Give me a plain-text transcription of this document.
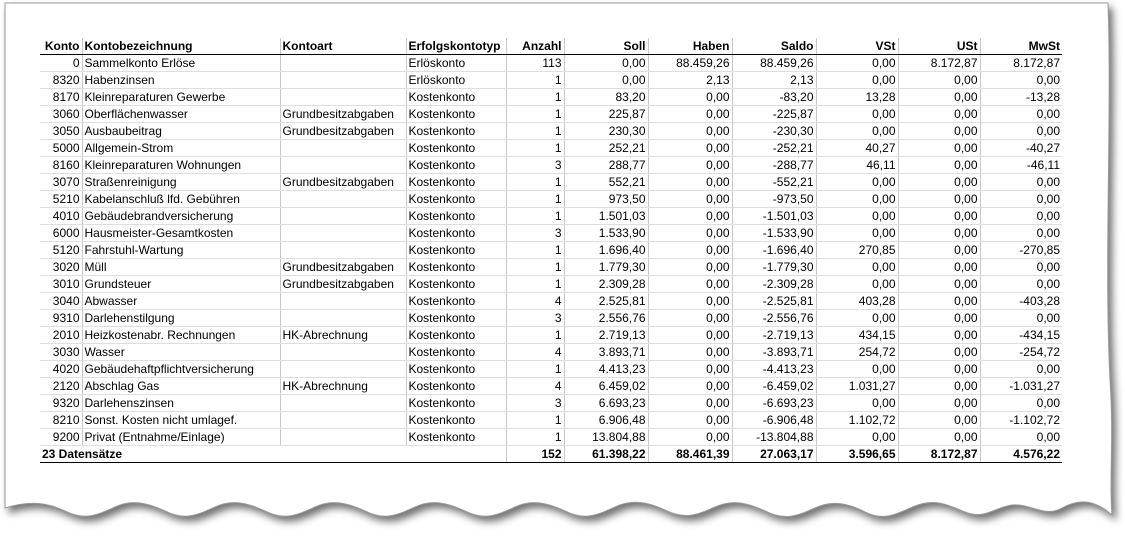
Konto	Kontobezeichnung	Kontoart	Erfolgskontotyp	Anzahl	Soll	Haben	Saldo	VSt	USt	MwSt
0	Sammelkonto Erlöse		Erlöskonto	113	0,00	88.459,26	88.459,26	0,00	8.172,87	8.172,87
8320	Habenzinsen		Erlöskonto	1	0,00	2,13	2,13	0,00	0,00	0,00
8170	Kleinreparaturen Gewerbe		Kostenkonto	1	83,20	0,00	-83,20	13,28	0,00	-13,28
3060	Oberflächenwasser	Grundbesitzabgaben	Kostenkonto	1	225,87	0,00	-225,87	0,00	0,00	0,00
3050	Ausbaubeitrag	Grundbesitzabgaben	Kostenkonto	1	230,30	0,00	-230,30	0,00	0,00	0,00
5000	Allgemein-Strom		Kostenkonto	1	252,21	0,00	-252,21	40,27	0,00	-40,27
8160	Kleinreparaturen Wohnungen		Kostenkonto	3	288,77	0,00	-288,77	46,11	0,00	-46,11
3070	Straßenreinigung	Grundbesitzabgaben	Kostenkonto	1	552,21	0,00	-552,21	0,00	0,00	0,00
5210	Kabelanschluß lfd. Gebühren		Kostenkonto	1	973,50	0,00	-973,50	0,00	0,00	0,00
4010	Gebäudebrandversicherung		Kostenkonto	1	1.501,03	0,00	-1.501,03	0,00	0,00	0,00
6000	Hausmeister-Gesamtkosten		Kostenkonto	3	1.533,90	0,00	-1.533,90	0,00	0,00	0,00
5120	Fahrstuhl-Wartung		Kostenkonto	1	1.696,40	0,00	-1.696,40	270,85	0,00	-270,85
3020	Müll	Grundbesitzabgaben	Kostenkonto	1	1.779,30	0,00	-1.779,30	0,00	0,00	0,00
3010	Grundsteuer	Grundbesitzabgaben	Kostenkonto	1	2.309,28	0,00	-2.309,28	0,00	0,00	0,00
3040	Abwasser		Kostenkonto	4	2.525,81	0,00	-2.525,81	403,28	0,00	-403,28
9310	Darlehenstilgung		Kostenkonto	3	2.556,76	0,00	-2.556,76	0,00	0,00	0,00
2010	Heizkostenabr. Rechnungen	HK-Abrechnung	Kostenkonto	1	2.719,13	0,00	-2.719,13	434,15	0,00	-434,15
3030	Wasser		Kostenkonto	4	3.893,71	0,00	-3.893,71	254,72	0,00	-254,72
4020	Gebäudehaftpflichtversicherung		Kostenkonto	1	4.413,23	0,00	-4.413,23	0,00	0,00	0,00
2120	Abschlag Gas	HK-Abrechnung	Kostenkonto	4	6.459,02	0,00	-6.459,02	1.031,27	0,00	-1.031,27
9320	Darlehenszinsen		Kostenkonto	3	6.693,23	0,00	-6.693,23	0,00	0,00	0,00
8210	Sonst. Kosten nicht umlagef.		Kostenkonto	1	6.906,48	0,00	-6.906,48	1.102,72	0,00	-1.102,72
9200	Privat (Entnahme/Einlage)		Kostenkonto	1	13.804,88	0,00	-13.804,88	0,00	0,00	0,00
23 Datensätze				152	61.398,22	88.461,39	27.063,17	3.596,65	8.172,87	4.576,22
